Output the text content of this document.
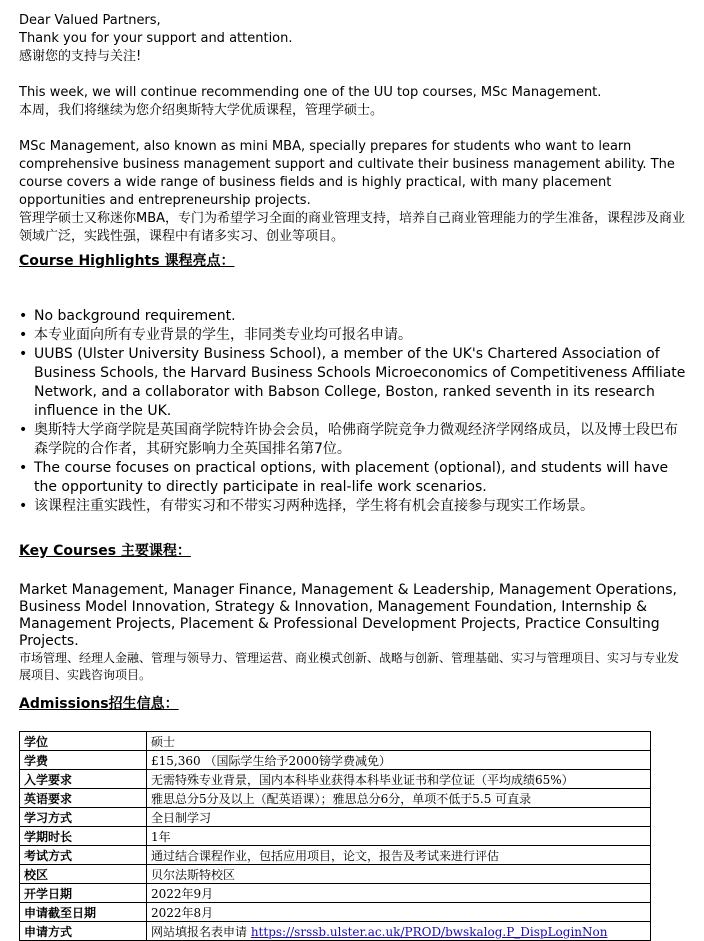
Dear Valued Partners,

Thank you for your support and attention.

感谢您的支持与关注!

This week, we will continue recommending one of the UU top courses, MSc Management.

本周，我们将继续为您介绍奥斯特大学优质课程，管理学硕士。

MSc Management, also known as mini MBA, specially prepares for students who want to learn comprehensive business management support and cultivate their business management ability. The course covers a wide range of business fields and is highly practical, with many placement opportunities and entrepreneurship projects.

管理学硕士又称迷你MBA，专门为希望学习全面的商业管理支持，培养自己商业管理能力的学生准备，课程涉及商业领域广泛，实践性强，课程中有诸多实习、创业等项目。

Course Highlights 课程亮点：
• No background requirement.
• 本专业面向所有专业背景的学生，非同类专业均可报名申请。
• UUBS (Ulster University Business School), a member of the UK's Chartered Association of Business Schools, the Harvard Business Schools Microeconomics of Competitiveness Affiliate Network, and a collaborator with Babson College, Boston, ranked seventh in its research influence in the UK.
• 奥斯特大学商学院是英国商学院特许协会会员，哈佛商学院竞争力微观经济学网络成员，以及博士段巴布森学院的合作者，其研究影响力全英国排名第7位。
• The course focuses on practical options, with placement (optional), and students will have the opportunity to directly participate in real-life work scenarios.
• 该课程注重实践性，有带实习和不带实习两种选择，学生将有机会直接参与现实工作场景。
Key Courses 主要课程：

Market Management, Manager Finance, Management & Leadership, Management Operations, Business Model Innovation, Strategy & Innovation, Management Foundation, Internship & Management Projects, Placement & Professional Development Projects, Practice Consulting Projects.

市场管理、经理人金融、管理与领导力、管理运营、商业模式创新、战略与创新、管理基础、实习与管理项目、实习与专业发展项目、实践咨询项目。

Admissions招生信息：
学位	硕士
学费	£15,360 （国际学生给予2000镑学费减免）
入学要求	无需特殊专业背景，国内本科毕业获得本科毕业证书和学位证（平均成绩65%）
英语要求	雅思总分5分及以上（配英语课）；雅思总分6分，单项不低于5.5 可直录
学习方式	全日制学习
学期时长	1年
考试方式	通过结合课程作业，包括应用项目，论文，报告及考试来进行评估
校区	贝尔法斯特校区
开学日期	2022年9月
申请截至日期	2022年8月
申请方式	网站填报名表申请 https://srssb.ulster.ac.uk/PROD/bwskalog.P_DispLoginNon
